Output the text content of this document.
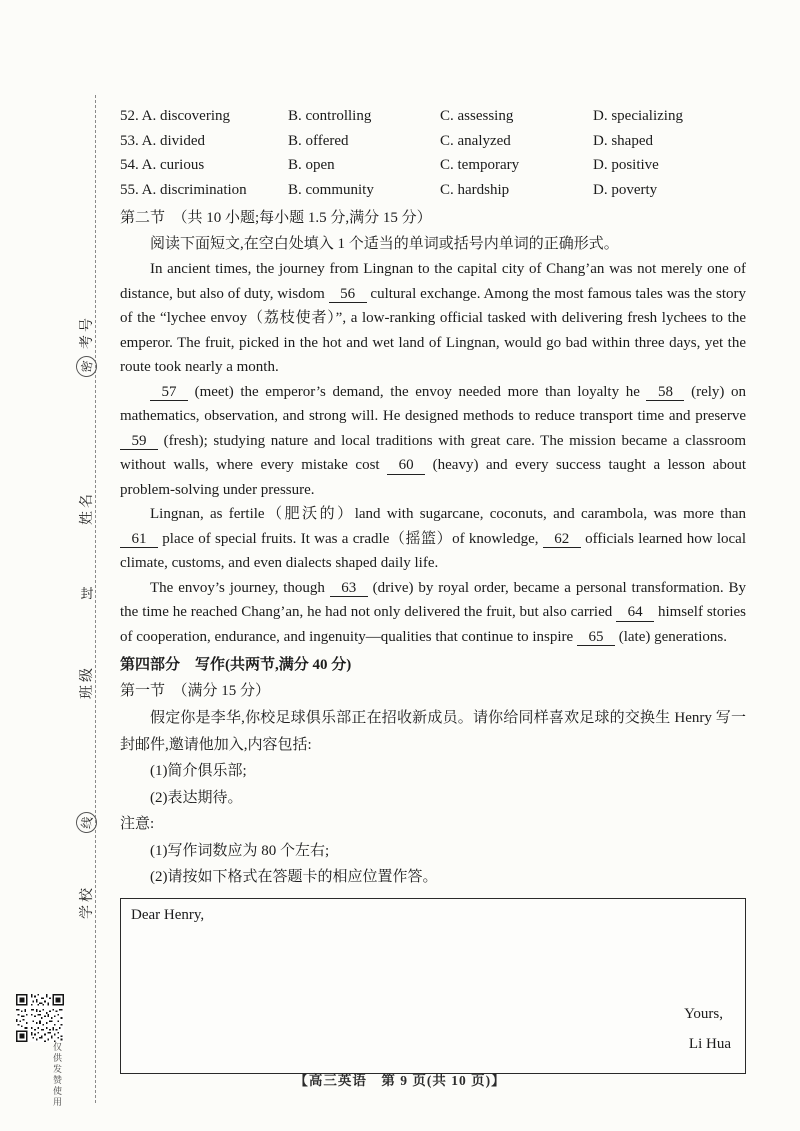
考号
密
姓名
封
班级
线
学校
仅供发赞使用
52. A. discovering	B. controlling	C. assessing	D. specializing
53. A. divided	B. offered	C. analyzed	D. shaped
54. A. curious	B. open	C. temporary	D. positive
55. A. discrimination	B. community	C. hardship	D. poverty
第二节　（共 10 小题;每小题 1.5 分,满分 15 分）
阅读下面短文,在空白处填入 1 个适当的单词或括号内单词的正确形式。

In ancient times, the journey from Lingnan to the capital city of Chang’an was not merely one of distance, but also of duty, wisdom 56 cultural exchange. Among the most famous tales was the story of the “lychee envoy（荔枝使者）”, a low-ranking official tasked with delivering fresh lychees to the emperor. The fruit, picked in the hot and wet land of Lingnan, would go bad within three days, yet the route took nearly a month.

57 (meet) the emperor’s demand, the envoy needed more than loyalty he 58 (rely) on mathematics, observation, and strong will. He designed methods to reduce transport time and preserve 59 (fresh); studying nature and local traditions with great care. The mission became a classroom without walls, where every mistake cost 60 (heavy) and every success taught a lesson about problem-solving under pressure.

Lingnan, as fertile（肥沃的）land with sugarcane, coconuts, and carambola, was more than 61 place of special fruits. It was a cradle（摇篮）of knowledge, 62 officials learned how local climate, customs, and even dialects shaped daily life.

The envoy’s journey, though 63 (drive) by royal order, became a personal transformation. By the time he reached Chang’an, he had not only delivered the fruit, but also carried 64 himself stories of cooperation, endurance, and ingenuity—qualities that continue to inspire 65 (late) generations.

第四部分　写作(共两节,满分 40 分)
第一节　（满分 15 分）

假定你是李华,你校足球俱乐部正在招收新成员。请你给同样喜欢足球的交换生 Henry 写一封邮件,邀请他加入,内容包括:

(1)简介俱乐部;
(2)表达期待。
注意:
(1)写作词数应为 80 个左右;
(2)请按如下格式在答题卡的相应位置作答。
Dear Henry,
Yours,
Li Hua
【高三英语　第 9 页(共 10 页)】
